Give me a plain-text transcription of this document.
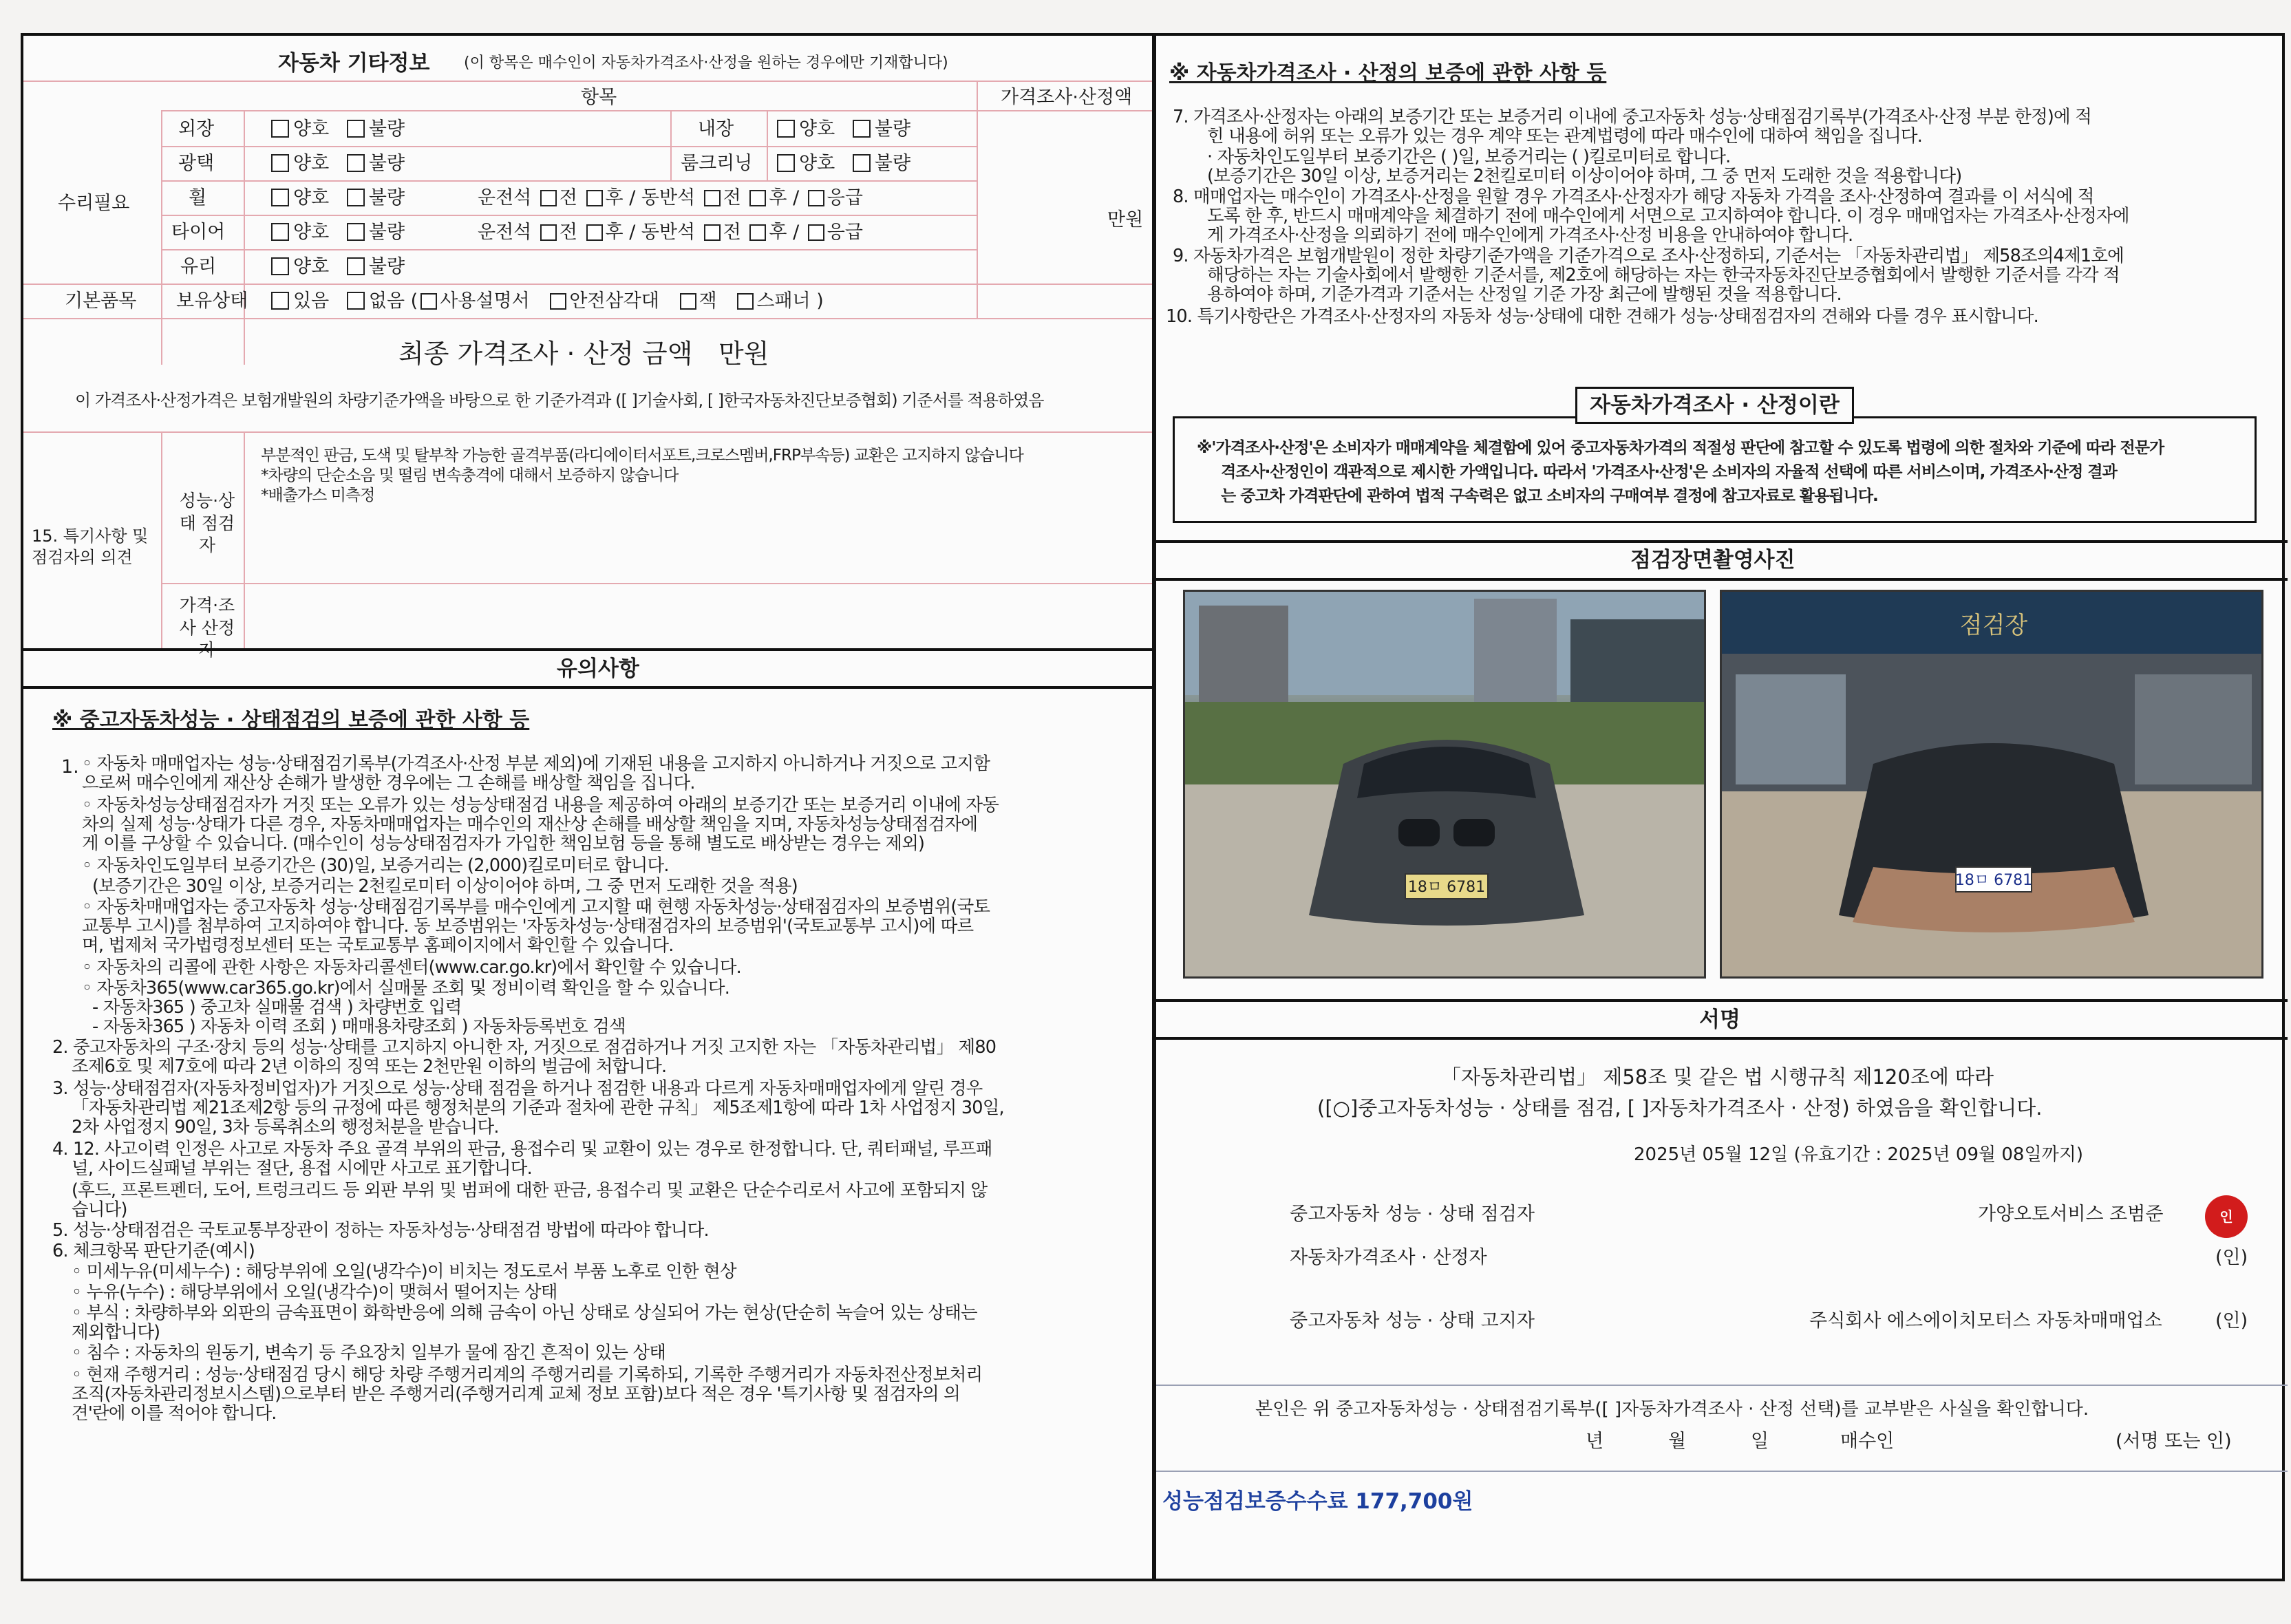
자동차 기타정보 (이 항목은 매수인이 자동차가격조사·산정을 원하는 경우에만 기재합니다)
항목	가격조사·산정액
수리필요
외장	양호 불량	내장	양호 불량
광택	양호 불량	룸크리닝	양호 불량
휠	양호 불량	운전석 전 후 / 동반석 전 후 / 응급
타이어	양호 불량	운전석 전 후 / 동반석 전 후 / 응급
유리	양호 불량
만원
기본품목 보유상태	있음 없음 ( 사용설명서 안전삼각대 잭 스패너 )
최종 가격조사 · 산정 금액 만원
이 가격조사·산정가격은 보험개발원의 차량기준가액을 바탕으로 한 기준가격과 ([ ]기술사회, [ ]한국자동차진단보증협회) 기준서를 적용하였음
15. 특기사항 및 점검자의 의견
성능·상태 점검자
부분적인 판금, 도색 및 탈부착 가능한 골격부품(라디에이터서포트,크로스멤버,FRP부속등) 교환은 고지하지 않습니다
*차량의 단순소음 및 떨림 변속충격에 대해서 보증하지 않습니다
*배출가스 미측정
가격·조사 산정자
유의사항
※ 중고자동차성능 · 상태점검의 보증에 관한 사항 등
1. ◦ 자동차 매매업자는 성능·상태점검기록부(가격조사·산정 부분 제외)에 기재된 내용을 고지하지 아니하거나 거짓으로 고지함

으로써 매수인에게 재산상 손해가 발생한 경우에는 그 손해를 배상할 책임을 집니다.

◦ 자동차성능상태점검자가 거짓 또는 오류가 있는 성능상태점검 내용을 제공하여 아래의 보증기간 또는 보증거리 이내에 자동

차의 실제 성능·상태가 다른 경우, 자동차매매업자는 매수인의 재산상 손해를 배상할 책임을 지며, 자동차성능상태점검자에

게 이를 구상할 수 있습니다. (매수인이 성능상태점검자가 가입한 책임보험 등을 통해 별도로 배상받는 경우는 제외)

◦ 자동차인도일부터 보증기간은 (30)일, 보증거리는 (2,000)킬로미터로 합니다.

(보증기간은 30일 이상, 보증거리는 2천킬로미터 이상이어야 하며, 그 중 먼저 도래한 것을 적용)

◦ 자동차매매업자는 중고자동차 성능·상태점검기록부를 매수인에게 고지할 때 현행 자동차성능·상태점검자의 보증범위(국토

교통부 고시)를 첨부하여 고지하여야 합니다. 동 보증범위는 '자동차성능·상태점검자의 보증범위'(국토교통부 고시)에 따르

며, 법제처 국가법령정보센터 또는 국토교통부 홈페이지에서 확인할 수 있습니다.

◦ 자동차의 리콜에 관한 사항은 자동차리콜센터(www.car.go.kr)에서 확인할 수 있습니다.

◦ 자동차365(www.car365.go.kr)에서 실매물 조회 및 정비이력 확인을 할 수 있습니다.

- 자동차365 ) 중고차 실매물 검색 ) 차량번호 입력

- 자동차365 ) 자동차 이력 조회 ) 매매용차량조회 ) 자동차등록번호 검색

2. 중고자동차의 구조·장치 등의 성능·상태를 고지하지 아니한 자, 거짓으로 점검하거나 거짓 고지한 자는 「자동차관리법」 제80

조제6호 및 제7호에 따라 2년 이하의 징역 또는 2천만원 이하의 벌금에 처합니다.

3. 성능·상태점검자(자동차정비업자)가 거짓으로 성능·상태 점검을 하거나 점검한 내용과 다르게 자동차매매업자에게 알린 경우

「자동차관리법 제21조제2항 등의 규정에 따른 행정처분의 기준과 절차에 관한 규칙」 제5조제1항에 따라 1차 사업정지 30일,

2차 사업정지 90일, 3차 등록취소의 행정처분을 받습니다.

4. 12. 사고이력 인정은 사고로 자동차 주요 골격 부위의 판금, 용접수리 및 교환이 있는 경우로 한정합니다. 단, 쿼터패널, 루프패

널, 사이드실패널 부위는 절단, 용접 시에만 사고로 표기합니다.

(후드, 프론트펜더, 도어, 트렁크리드 등 외판 부위 및 범퍼에 대한 판금, 용접수리 및 교환은 단순수리로서 사고에 포함되지 않

습니다)

5. 성능·상태점검은 국토교통부장관이 정하는 자동차성능·상태점검 방법에 따라야 합니다.

6. 체크항목 판단기준(예시)

◦ 미세누유(미세누수) : 해당부위에 오일(냉각수)이 비치는 정도로서 부품 노후로 인한 현상

◦ 누유(누수) : 해당부위에서 오일(냉각수)이 맺혀서 떨어지는 상태

◦ 부식 : 차량하부와 외판의 금속표면이 화학반응에 의해 금속이 아닌 상태로 상실되어 가는 현상(단순히 녹슬어 있는 상태는

제외합니다)

◦ 침수 : 자동차의 원동기, 변속기 등 주요장치 일부가 물에 잠긴 흔적이 있는 상태

◦ 현재 주행거리 : 성능·상태점검 당시 해당 차량 주행거리계의 주행거리를 기록하되, 기록한 주행거리가 자동차전산정보처리

조직(자동차관리정보시스템)으로부터 받은 주행거리(주행거리계 교체 정보 포함)보다 적은 경우 '특기사항 및 점검자의 의

견'란에 이를 적어야 합니다.

※ 자동차가격조사 · 산정의 보증에 관한 사항 등

7. 가격조사·산정자는 아래의 보증기간 또는 보증거리 이내에 중고자동차 성능·상태점검기록부(가격조사·산정 부분 한정)에 적

힌 내용에 허위 또는 오류가 있는 경우 계약 또는 관계법령에 따라 매수인에 대하여 책임을 집니다.

· 자동차인도일부터 보증기간은 ( )일, 보증거리는 ( )킬로미터로 합니다.

(보증기간은 30일 이상, 보증거리는 2천킬로미터 이상이어야 하며, 그 중 먼저 도래한 것을 적용합니다)

8. 매매업자는 매수인이 가격조사·산정을 원할 경우 가격조사·산정자가 해당 자동차 가격을 조사·산정하여 결과를 이 서식에 적

도록 한 후, 반드시 매매계약을 체결하기 전에 매수인에게 서면으로 고지하여야 합니다. 이 경우 매매업자는 가격조사·산정자에

게 가격조사·산정을 의뢰하기 전에 매수인에게 가격조사·산정 비용을 안내하여야 합니다.

9. 자동차가격은 보험개발원이 정한 차량기준가액을 기준가격으로 조사·산정하되, 기준서는 「자동차관리법」 제58조의4제1호에

해당하는 자는 기술사회에서 발행한 기준서를, 제2호에 해당하는 자는 한국자동차진단보증협회에서 발행한 기준서를 각각 적

용하여야 하며, 기준가격과 기준서는 산정일 기준 가장 최근에 발행된 것을 적용합니다.

10. 특기사항란은 가격조사·산정자의 자동차 성능·상태에 대한 견해가 성능·상태점검자의 견해와 다를 경우 표시합니다.

자동차가격조사 · 산정이란
※'가격조사·산정'은 소비자가 매매계약을 체결함에 있어 중고자동차가격의 적절성 판단에 참고할 수 있도록 법령에 의한 절차와 기준에 따라 전문가
격조사·산정인이 객관적으로 제시한 가액입니다. 따라서 '가격조사·산정'은 소비자의 자율적 선택에 따른 서비스이며, 가격조사·산정 결과
는 중고차 가격판단에 관하여 법적 구속력은 없고 소비자의 구매여부 결정에 참고자료로 활용됩니다.
점검장면촬영사진
18ㅁ 6781
점검장
18ㅁ 6781
서명
「자동차관리법」 제58조 및 같은 법 시행규칙 제120조에 따라
([○]중고자동차성능 · 상태를 점검, [ ]자동차가격조사 · 산정) 하였음을 확인합니다.
2025년 05월 12일 (유효기간 : 2025년 09월 08일까지)
중고자동차 성능 · 상태 점검자	가양오토서비스 조범준	인
자동차가격조사 · 산정자	(인)
중고자동차 성능 · 상태 고지자	주식회사 에스에이치모터스 자동차매매업소	(인)
본인은 위 중고자동차성능 · 상태점검기록부([ ]자동차가격조사 · 산정 선택)를 교부받은 사실을 확인합니다.
년	월	일	매수인	(서명 또는 인)
성능점검보증수수료 177,700원
